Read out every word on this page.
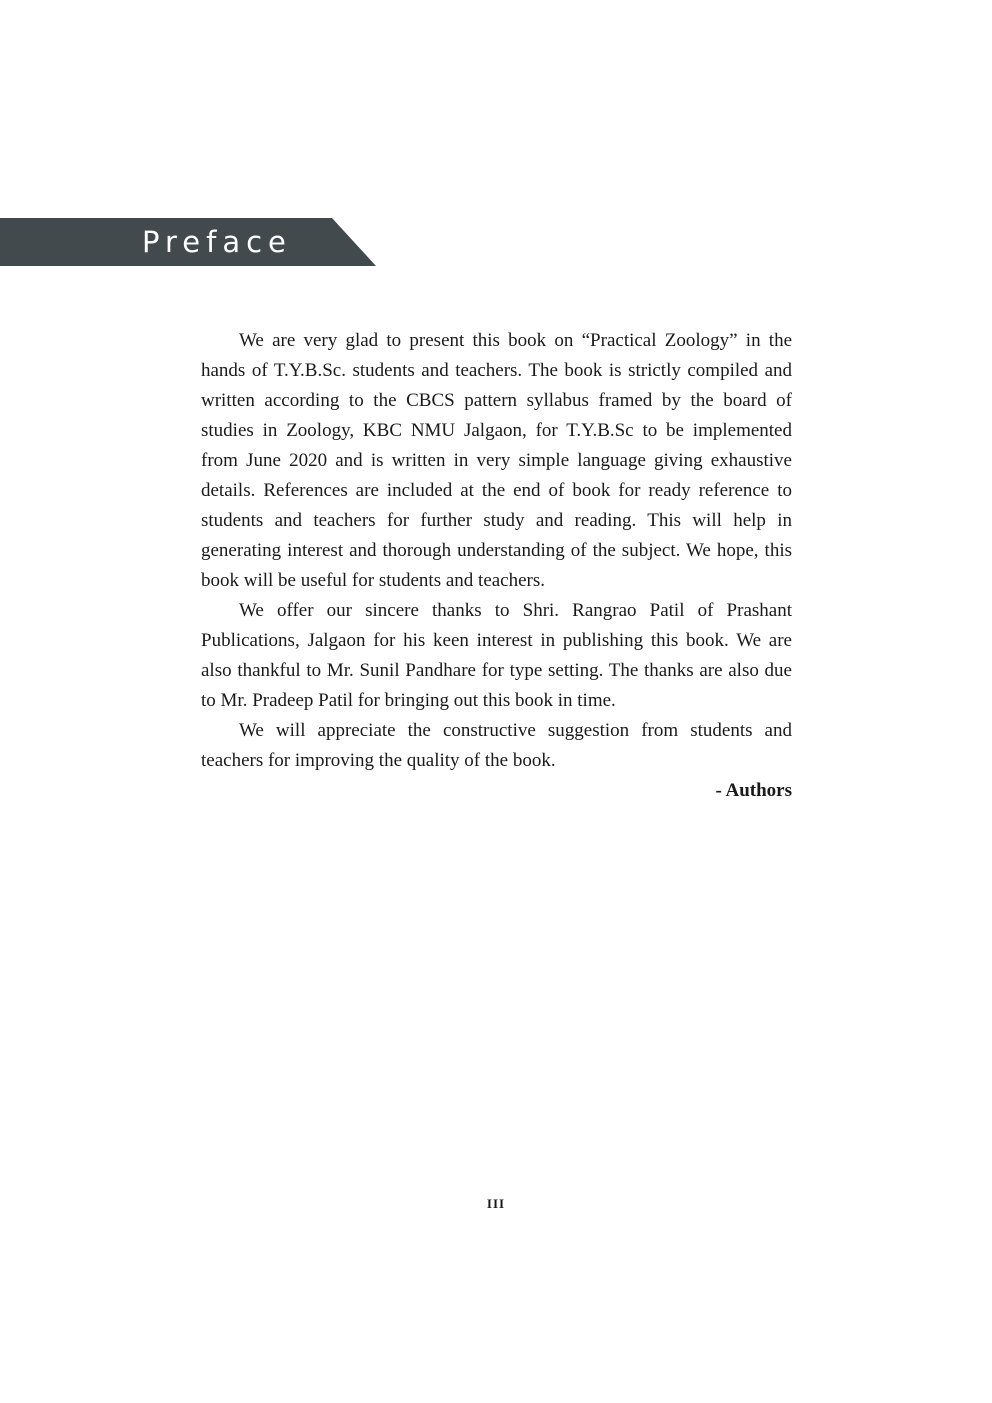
Preface

We are very glad to present this book on “Practical Zoology” in the hands of T.Y.B.Sc. students and teachers. The book is strictly compiled and written according to the CBCS pattern syllabus framed by the board of studies in Zoology, KBC NMU Jalgaon, for T.Y.B.Sc to be implemented from June 2020 and is written in very simple language giving exhaustive details. References are included at the end of book for ready reference to students and teachers for further study and reading. This will help in generating interest and thorough understanding of the subject. We hope, this book will be useful for students and teachers.

We offer our sincere thanks to Shri. Rangrao Patil of Prashant Publications, Jalgaon for his keen interest in publishing this book. We are also thankful to Mr. Sunil Pandhare for type setting. The thanks are also due to Mr. Pradeep Patil for bringing out this book in time.

We will appreciate the constructive suggestion from students and teachers for improving the quality of the book.

- Authors

III
